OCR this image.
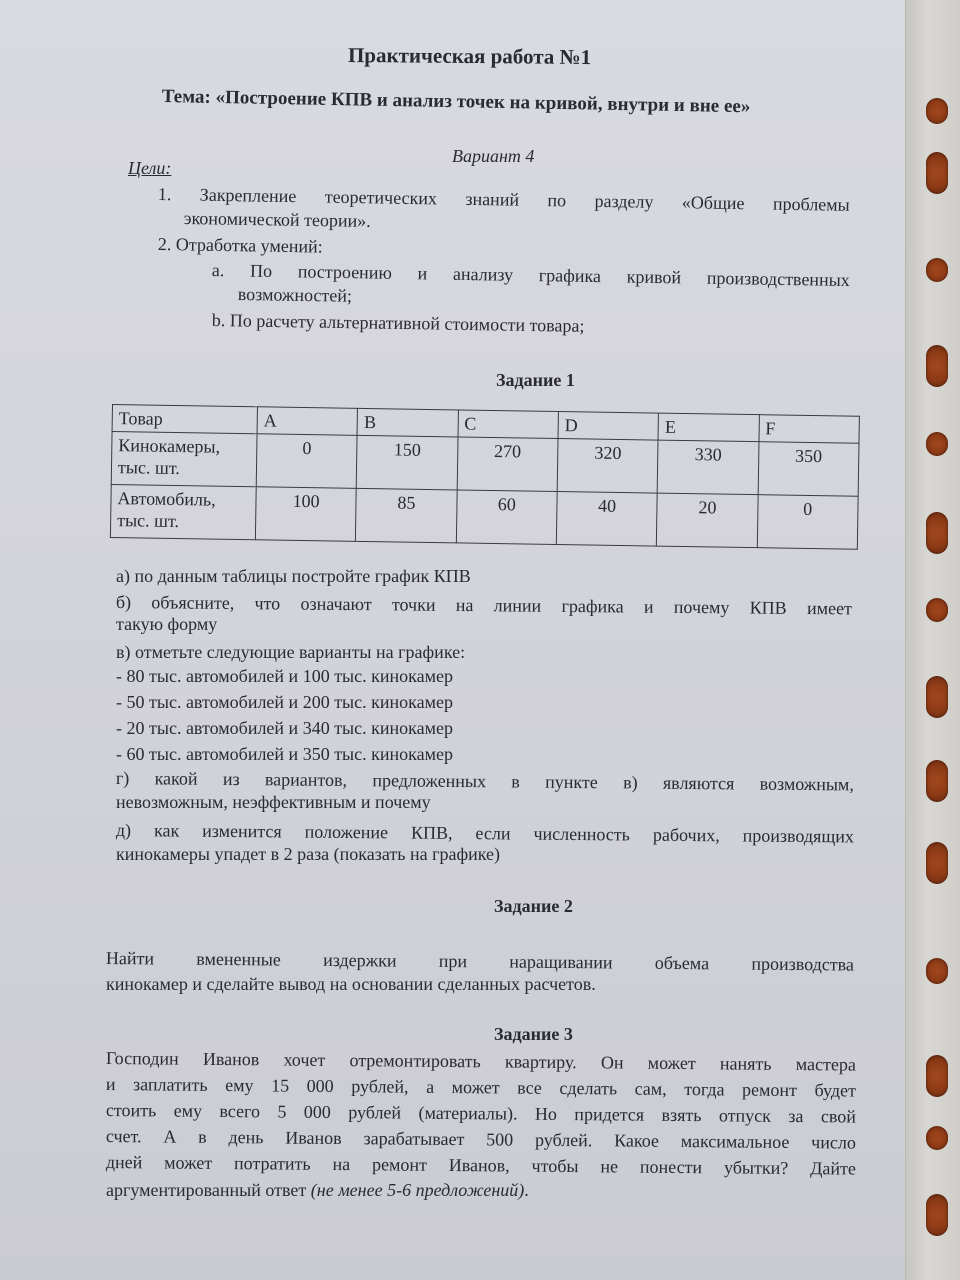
Практическая работа №1
Тема: «Построение КПВ и анализ точек на кривой, внутри и вне ее»
Вариант 4
Цели:
1. Закрепление теоретических знаний по разделу «Общие проблемы
экономической теории».
2. Отработка умений:
a. По построению и анализу графика кривой производственных
возможностей;
b. По расчету альтернативной стоимости товара;
Задание 1
Товар	A	B	C	D	E	F

Кинокамеры,
тыс. шт.	0	150	270	320	330	350

Автомобиль,
тыс. шт.	100	85	60	40	20	0
а) по данным таблицы постройте график КПВ
б) объясните, что означают точки на линии графика и почему КПВ имеет
такую форму
в) отметьте следующие варианты на графике:
- 80 тыс. автомобилей и 100 тыс. кинокамер
- 50 тыс. автомобилей и 200 тыс. кинокамер
- 20 тыс. автомобилей и 340 тыс. кинокамер
- 60 тыс. автомобилей и 350 тыс. кинокамер
г) какой из вариантов, предложенных в пункте в) являются возможным,
невозможным, неэффективным и почему
д) как изменится положение КПВ, если численность рабочих, производящих
кинокамеры упадет в 2 раза (показать на графике)
Задание 2
Найти вмененные издержки при наращивании объема производства
кинокамер и сделайте вывод на основании сделанных расчетов.
Задание 3
Господин Иванов хочет отремонтировать квартиру. Он может нанять мастера
и заплатить ему 15 000 рублей, а может все сделать сам, тогда ремонт будет
стоить ему всего 5 000 рублей (материалы). Но придется взять отпуск за свой
счет. А в день Иванов зарабатывает 500 рублей. Какое максимальное число
дней может потратить на ремонт Иванов, чтобы не понести убытки? Дайте
аргументированный ответ (не менее 5-6 предложений).
